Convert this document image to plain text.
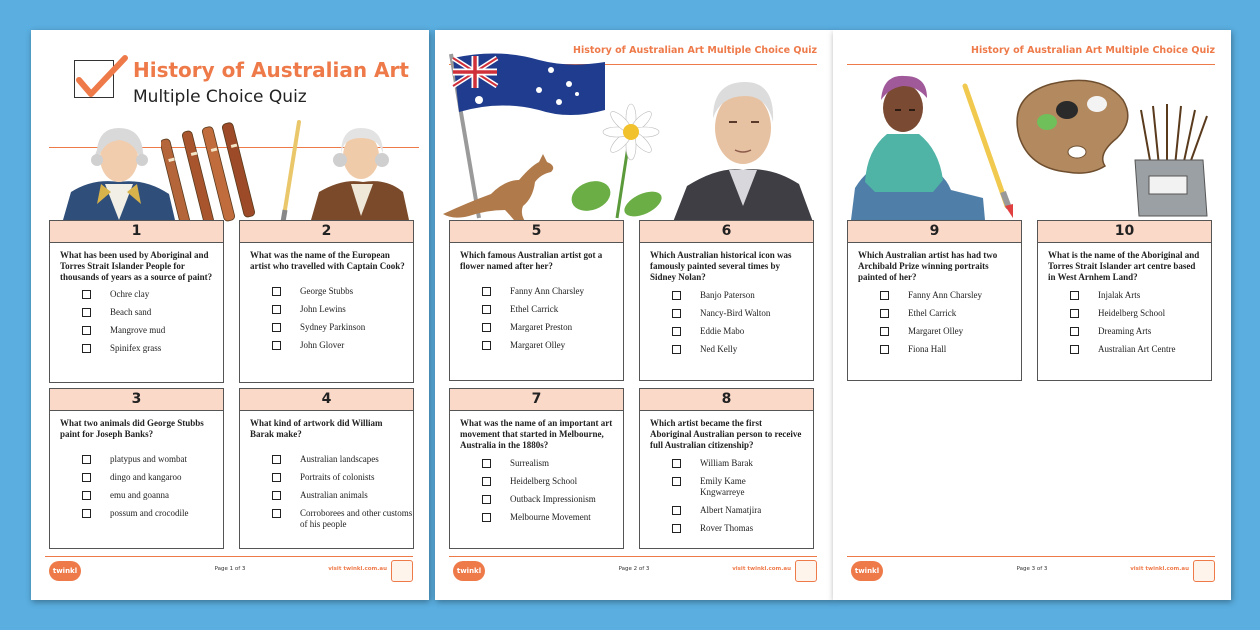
History of Australian Art
Multiple Choice Quiz
1
What has been used by Aboriginal and Torres Strait Islander People for thousands of years as a source of paint?
Ochre clay
Beach sand
Mangrove mud
Spinifex grass
2
What was the name of the European artist who travelled with Captain Cook?
George Stubbs
John Lewins
Sydney Parkinson
John Glover
3
What two animals did George Stubbs paint for Joseph Banks?
platypus and wombat
dingo and kangaroo
emu and goanna
possum and crocodile
4
What kind of artwork did William Barak make?
Australian landscapes
Portraits of colonists
Australian animals
Corroborees and other customs of his people
twinkl	Page 1 of 3	visit twinkl.com.au
History of Australian Art Multiple Choice Quiz
5
Which famous Australian artist got a flower named after her?
Fanny Ann Charsley
Ethel Carrick
Margaret Preston
Margaret Olley
6
Which Australian historical icon was famously painted several times by Sidney Nolan?
Banjo Paterson
Nancy-Bird Walton
Eddie Mabo
Ned Kelly
7
What was the name of an important art movement that started in Melbourne, Australia in the 1880s?
Surrealism
Heidelberg School
Outback Impressionism
Melbourne Movement
8
Which artist became the first Aboriginal Australian person to receive full Australian citizenship?
William Barak
Emily Kame Kngwarreye
Albert Namatjira
Rover Thomas
twinkl	Page 2 of 3	visit twinkl.com.au
History of Australian Art Multiple Choice Quiz
9
Which Australian artist has had two Archibald Prize winning portraits painted of her?
Fanny Ann Charsley
Ethel Carrick
Margaret Olley
Fiona Hall
10
What is the name of the Aboriginal and Torres Strait Islander art centre based in West Arnhem Land?
Injalak Arts
Heidelberg School
Dreaming Arts
Australian Art Centre
twinkl	Page 3 of 3	visit twinkl.com.au
